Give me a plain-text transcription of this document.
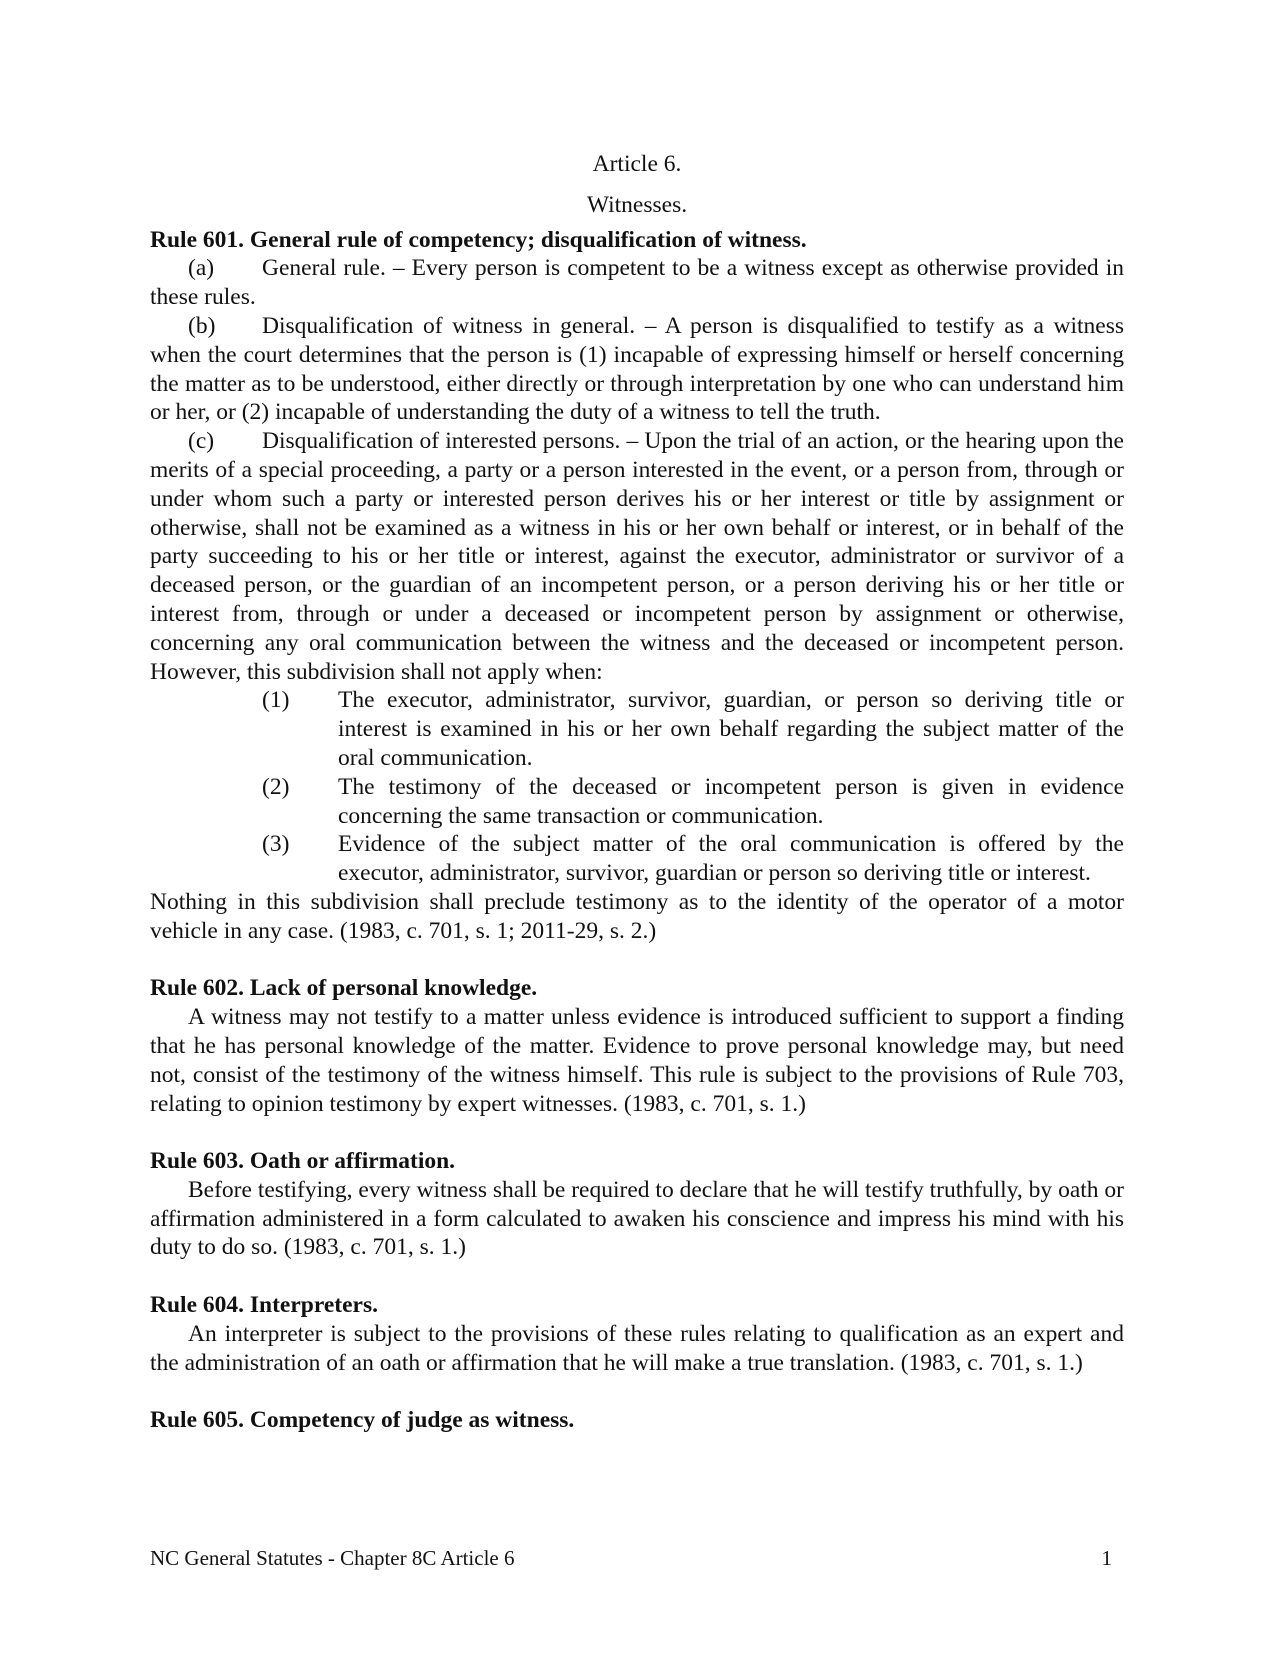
Article 6.
Witnesses.
Rule 601. General rule of competency; disqualification of witness.

(a) General rule. – Every person is competent to be a witness except as otherwise provided in these rules.

(b) Disqualification of witness in general. – A person is disqualified to testify as a witness when the court determines that the person is (1) incapable of expressing himself or herself concerning the matter as to be understood, either directly or through interpretation by one who can understand him or her, or (2) incapable of understanding the duty of a witness to tell the truth.

(c) Disqualification of interested persons. – Upon the trial of an action, or the hearing upon the merits of a special proceeding, a party or a person interested in the event, or a person from, through or under whom such a party or interested person derives his or her interest or title by assignment or otherwise, shall not be examined as a witness in his or her own behalf or interest, or in behalf of the party succeeding to his or her title or interest, against the executor, administrator or survivor of a deceased person, or the guardian of an incompetent person, or a person deriving his or her title or interest from, through or under a deceased or incompetent person by assignment or otherwise, concerning any oral communication between the witness and the deceased or incompetent person. However, this subdivision shall not apply when:

(1) The executor, administrator, survivor, guardian, or person so deriving title or interest is examined in his or her own behalf regarding the subject matter of the oral communication.
(2) The testimony of the deceased or incompetent person is given in evidence concerning the same transaction or communication.
(3) Evidence of the subject matter of the oral communication is offered by the executor, administrator, survivor, guardian or person so deriving title or interest.

Nothing in this subdivision shall preclude testimony as to the identity of the operator of a motor vehicle in any case. (1983, c. 701, s. 1; 2011-29, s. 2.)

Rule 602. Lack of personal knowledge.

A witness may not testify to a matter unless evidence is introduced sufficient to support a finding that he has personal knowledge of the matter. Evidence to prove personal knowledge may, but need not, consist of the testimony of the witness himself. This rule is subject to the provisions of Rule 703, relating to opinion testimony by expert witnesses. (1983, c. 701, s. 1.)

Rule 603. Oath or affirmation.

Before testifying, every witness shall be required to declare that he will testify truthfully, by oath or affirmation administered in a form calculated to awaken his conscience and impress his mind with his duty to do so. (1983, c. 701, s. 1.)

Rule 604. Interpreters.

An interpreter is subject to the provisions of these rules relating to qualification as an expert and the administration of an oath or affirmation that he will make a true translation. (1983, c. 701, s. 1.)

Rule 605. Competency of judge as witness.
NC General Statutes - Chapter 8C Article 6	1
